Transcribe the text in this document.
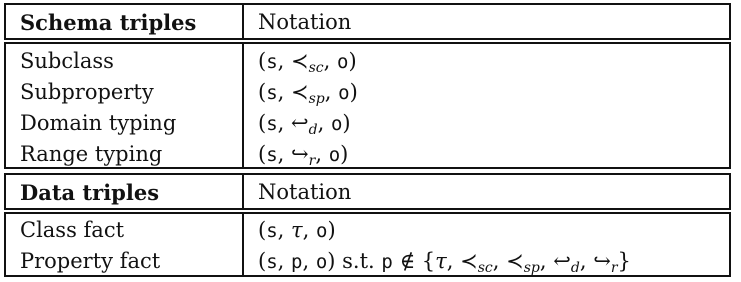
Schema triples	Notation
Subclass	(s, $≺_{sc}$, o)
Subproperty	(s, $≺_{sp}$, o)
Domain typing	(s, $↩_d$, o)
Range typing	(s, $↪_r$, o)
Data triples	Notation
Class fact	(s, τ, o)
Property fact	(s, p, o) s.t. p ∉ {τ, $≺_{sc}$, $≺_{sp}$, $↩_d$, $↪_r$}
